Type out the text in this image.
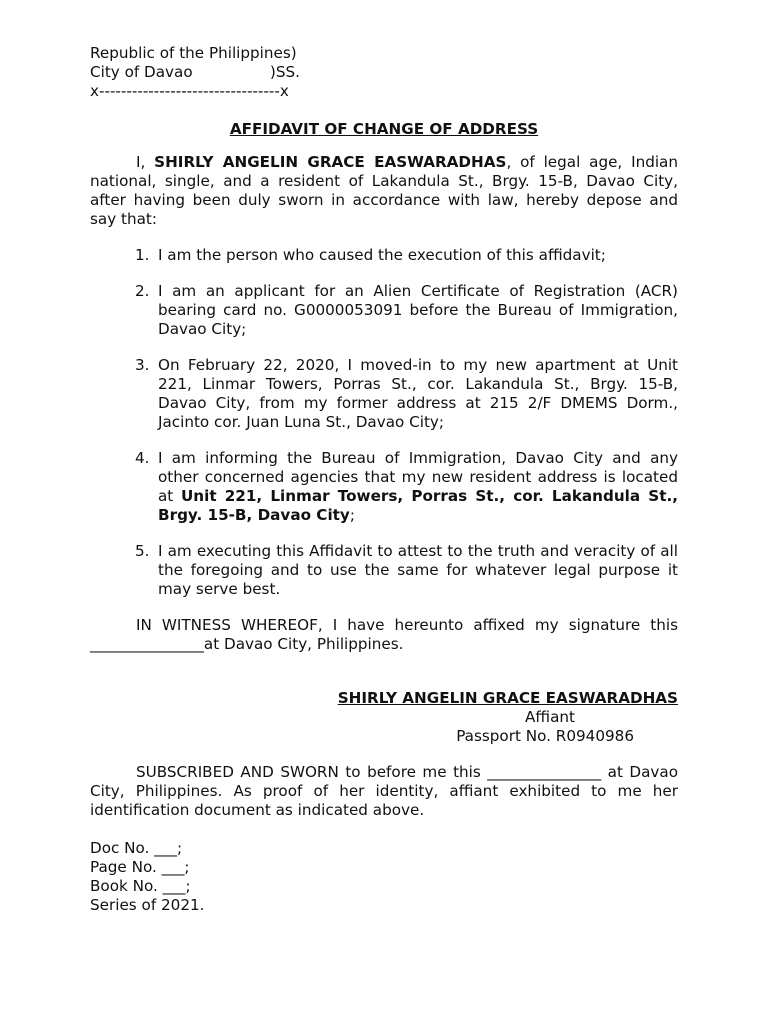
Republic of the Philippines)
City of Davao                )SS.
x---------------------------------x
AFFIDAVIT OF CHANGE OF ADDRESS

I, SHIRLY ANGELIN GRACE EASWARADHAS, of legal age, Indian national, single, and a resident of Lakandula St., Brgy. 15-B, Davao City, after having been duly sworn in accordance with law, hereby depose and say that:

1. I am the person who caused the execution of this affidavit;
2. I am an applicant for an Alien Certificate of Registration (ACR) bearing card no. G0000053091 before the Bureau of Immigration, Davao City;
3. On February 22, 2020, I moved-in to my new apartment at Unit 221, Linmar Towers, Porras St., cor. Lakandula St., Brgy. 15-B, Davao City, from my former address at 215 2/F DMEMS Dorm., Jacinto cor. Juan Luna St., Davao City;
4. I am informing the Bureau of Immigration, Davao City and any other concerned agencies that my new resident address is located at Unit 221, Linmar Towers, Porras St., cor. Lakandula St., Brgy. 15-B, Davao City;
5. I am executing this Affidavit to attest to the truth and veracity of all the foregoing and to use the same for whatever legal purpose it may serve best.

IN WITNESS WHEREOF, I have hereunto affixed my signature this _______________at Davao City, Philippines.

SHIRLY ANGELIN GRACE EASWARADHAS
Affiant
Passport No. R0940986

SUBSCRIBED AND SWORN to before me this _______________ at Davao City, Philippines. As proof of her identity, affiant exhibited to me her identification document as indicated above.

Doc No. ___;
Page No. ___;
Book No. ___;
Series of 2021.
